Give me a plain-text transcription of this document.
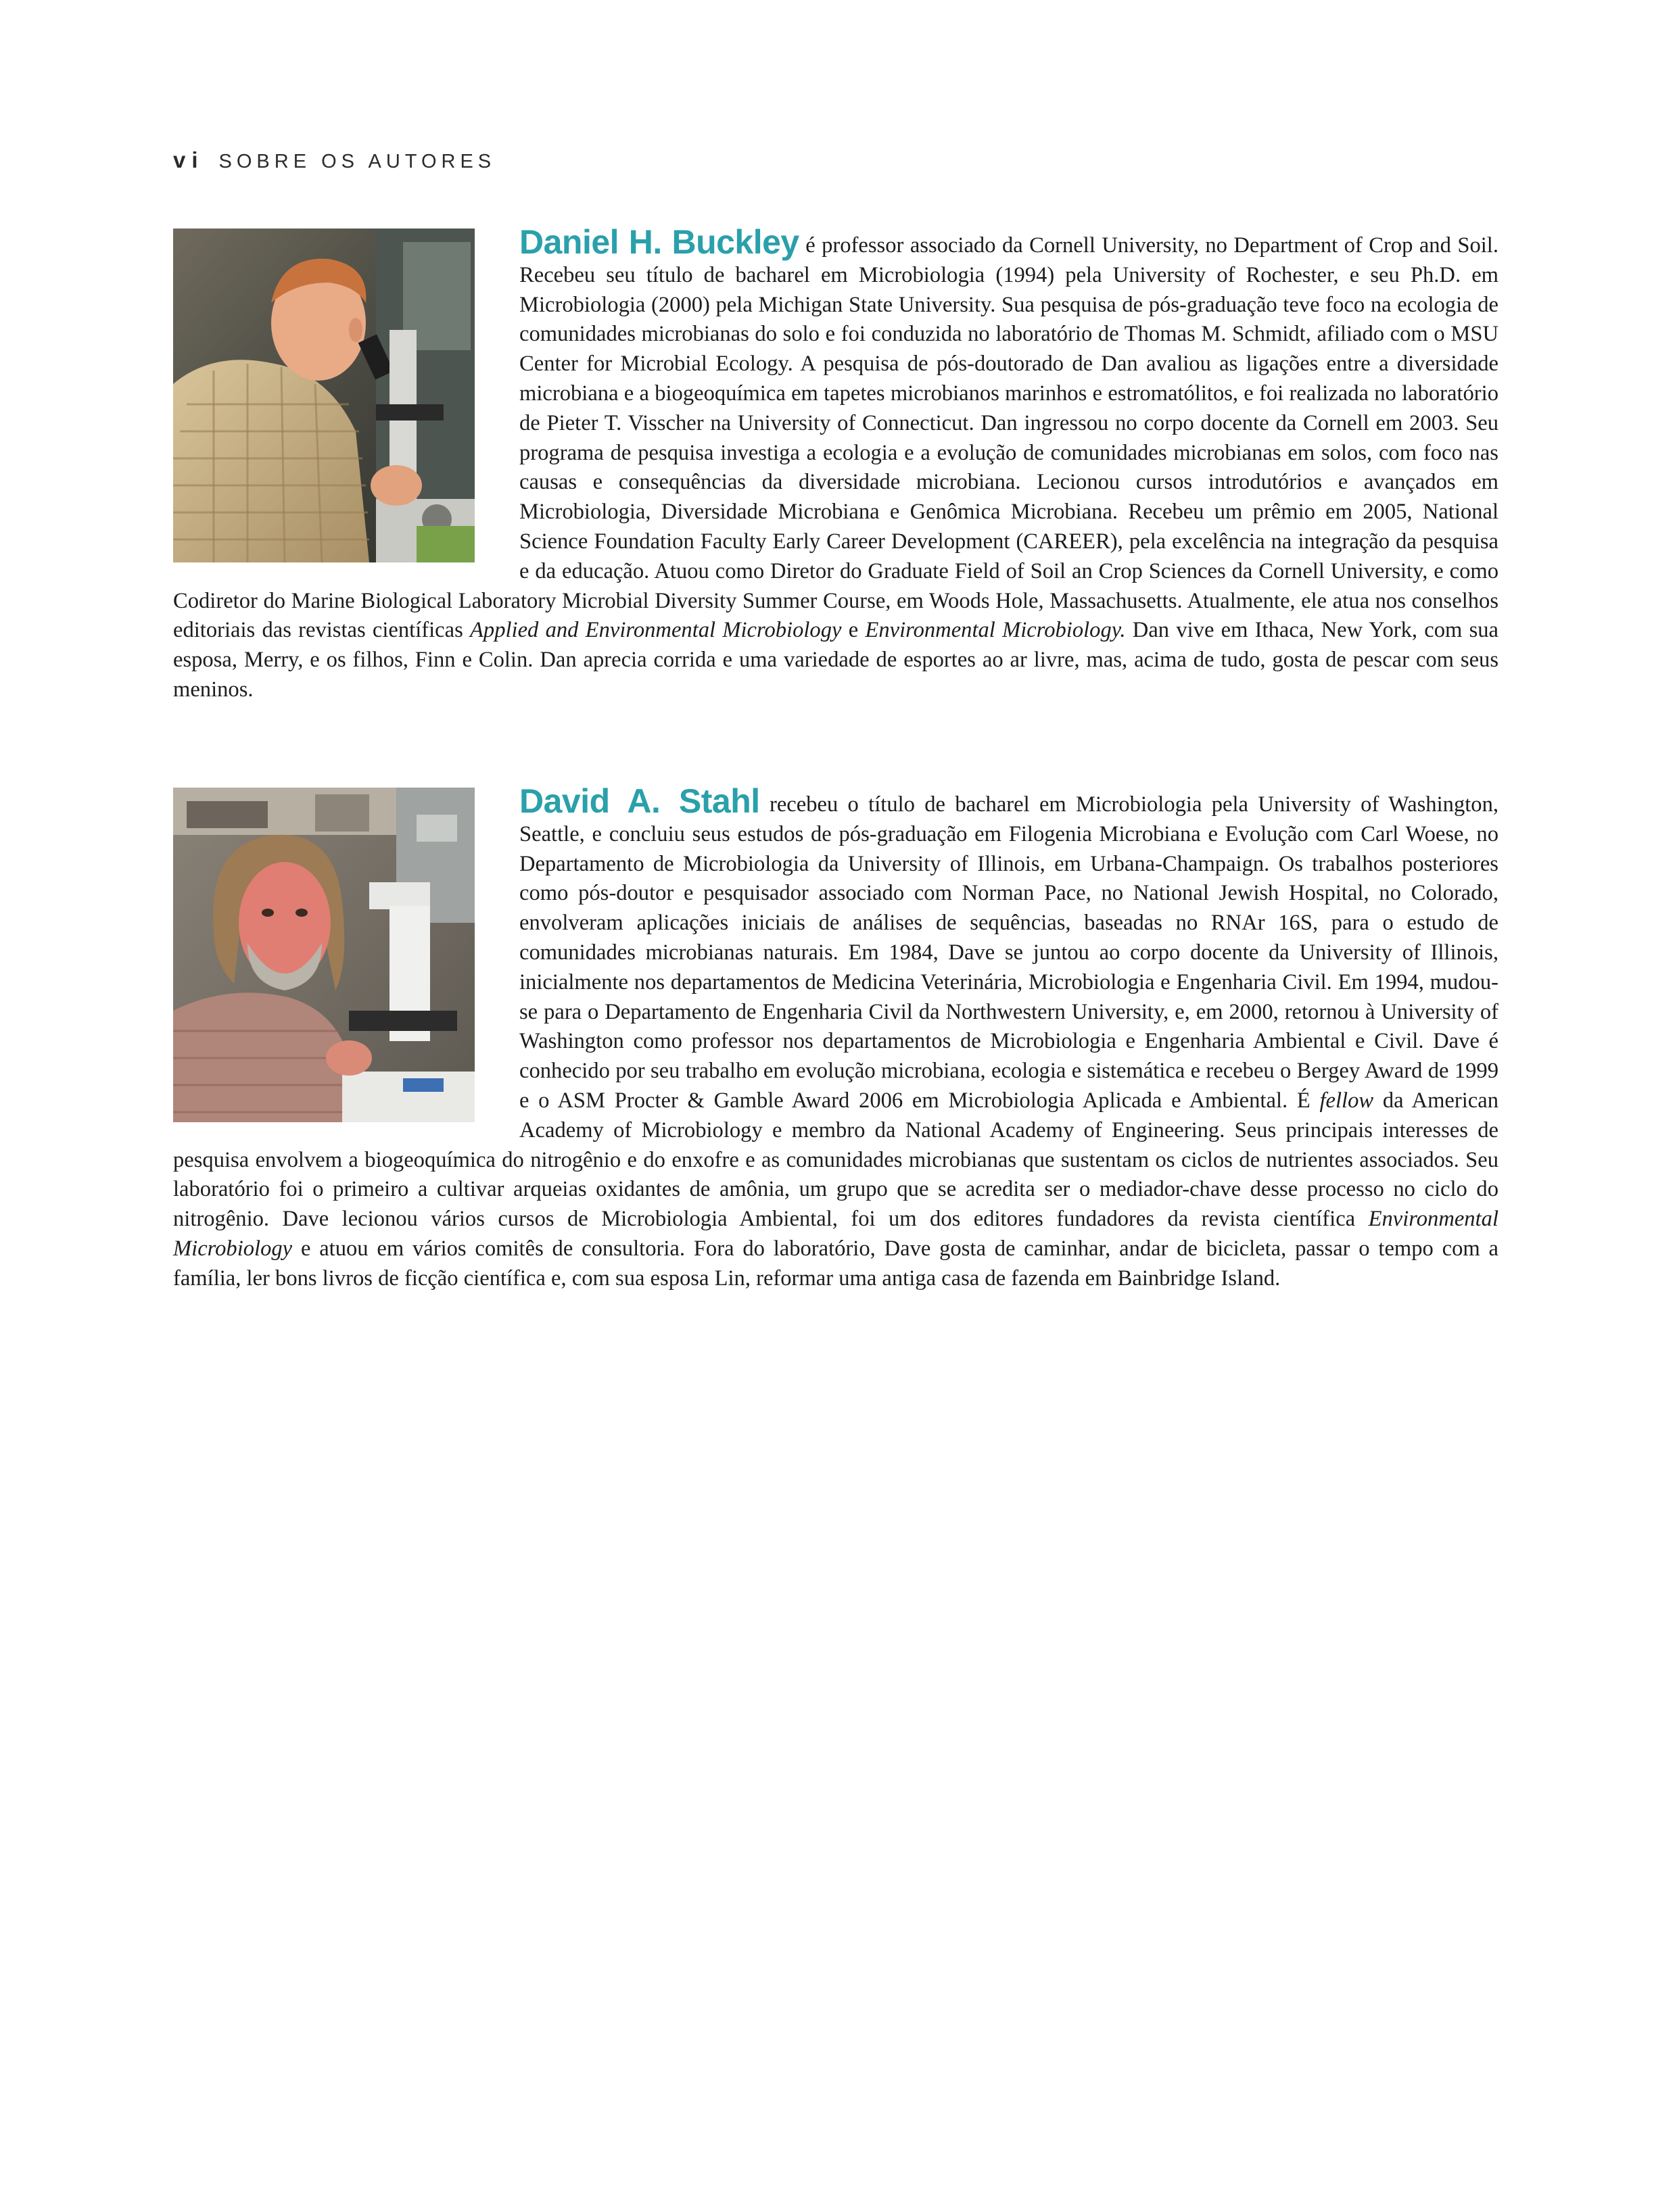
vi SOBRE OS AUTORES

Daniel H. Buckley é professor associado da Cornell University, no Department of Crop and Soil. Recebeu seu título de bacharel em Microbiologia (1994) pela University of Rochester, e seu Ph.D. em Microbiologia (2000) pela Michigan State University. Sua pesquisa de pós-graduação teve foco na ecologia de comunidades microbianas do solo e foi conduzida no laboratório de Thomas M. Schmidt, afiliado com o MSU Center for Microbial Ecology. A pesquisa de pós-doutorado de Dan avaliou as ligações entre a diversidade microbiana e a biogeoquímica em tapetes microbianos marinhos e estromatólitos, e foi realizada no laboratório de Pieter T. Visscher na University of Connecticut. Dan ingressou no corpo docente da Cornell em 2003. Seu programa de pesquisa investiga a ecologia e a evolução de comunidades microbianas em solos, com foco nas causas e consequências da diversidade microbiana. Lecionou cursos introdutórios e avançados em Microbiologia, Diversidade Microbiana e Genômica Microbiana. Recebeu um prêmio em 2005, National Science Foundation Faculty Early Career Development (CAREER), pela excelência na integração da pesquisa e da educação. Atuou como Diretor do Graduate Field of Soil an Crop Sciences da Cornell University, e como Codiretor do Marine Biological Laboratory Microbial Diversity Summer Course, em Woods Hole, Massachusetts. Atualmente, ele atua nos conselhos editoriais das revistas científicas Applied and Environmental Microbiology e Environmental Microbiology. Dan vive em Ithaca, New York, com sua esposa, Merry, e os filhos, Finn e Colin. Dan aprecia corrida e uma variedade de esportes ao ar livre, mas, acima de tudo, gosta de pescar com seus meninos.

David A. Stahl recebeu o título de bacharel em Microbiologia pela University of Washington, Seattle, e concluiu seus estudos de pós-graduação em Filogenia Microbiana e Evolução com Carl Woese, no Departamento de Microbiologia da University of Illinois, em Urbana-Champaign. Os trabalhos posteriores como pós-doutor e pesquisador associado com Norman Pace, no National Jewish Hospital, no Colorado, envolveram aplicações iniciais de análises de sequências, baseadas no RNAr 16S, para o estudo de comunidades microbianas naturais. Em 1984, Dave se juntou ao corpo docente da University of Illinois, inicialmente nos departamentos de Medicina Veterinária, Microbiologia e Engenharia Civil. Em 1994, mudou-se para o Departamento de Engenharia Civil da Northwestern University, e, em 2000, retornou à University of Washington como professor nos departamentos de Microbiologia e Engenharia Ambiental e Civil. Dave é conhecido por seu trabalho em evolução microbiana, ecologia e sistemática e recebeu o Bergey Award de 1999 e o ASM Procter & Gamble Award 2006 em Microbiologia Aplicada e Ambiental. É fellow da American Academy of Microbiology e membro da National Academy of Engineering. Seus principais interesses de pesquisa envolvem a biogeoquímica do nitrogênio e do enxofre e as comunidades microbianas que sustentam os ciclos de nutrientes associados. Seu laboratório foi o primeiro a cultivar arqueias oxidantes de amônia, um grupo que se acredita ser o mediador-chave desse processo no ciclo do nitrogênio. Dave lecionou vários cursos de Microbiologia Ambiental, foi um dos editores fundadores da revista científica Environmental Microbiology e atuou em vários comitês de consultoria. Fora do laboratório, Dave gosta de caminhar, andar de bicicleta, passar o tempo com a família, ler bons livros de ficção científica e, com sua esposa Lin, reformar uma antiga casa de fazenda em Bainbridge Island.
